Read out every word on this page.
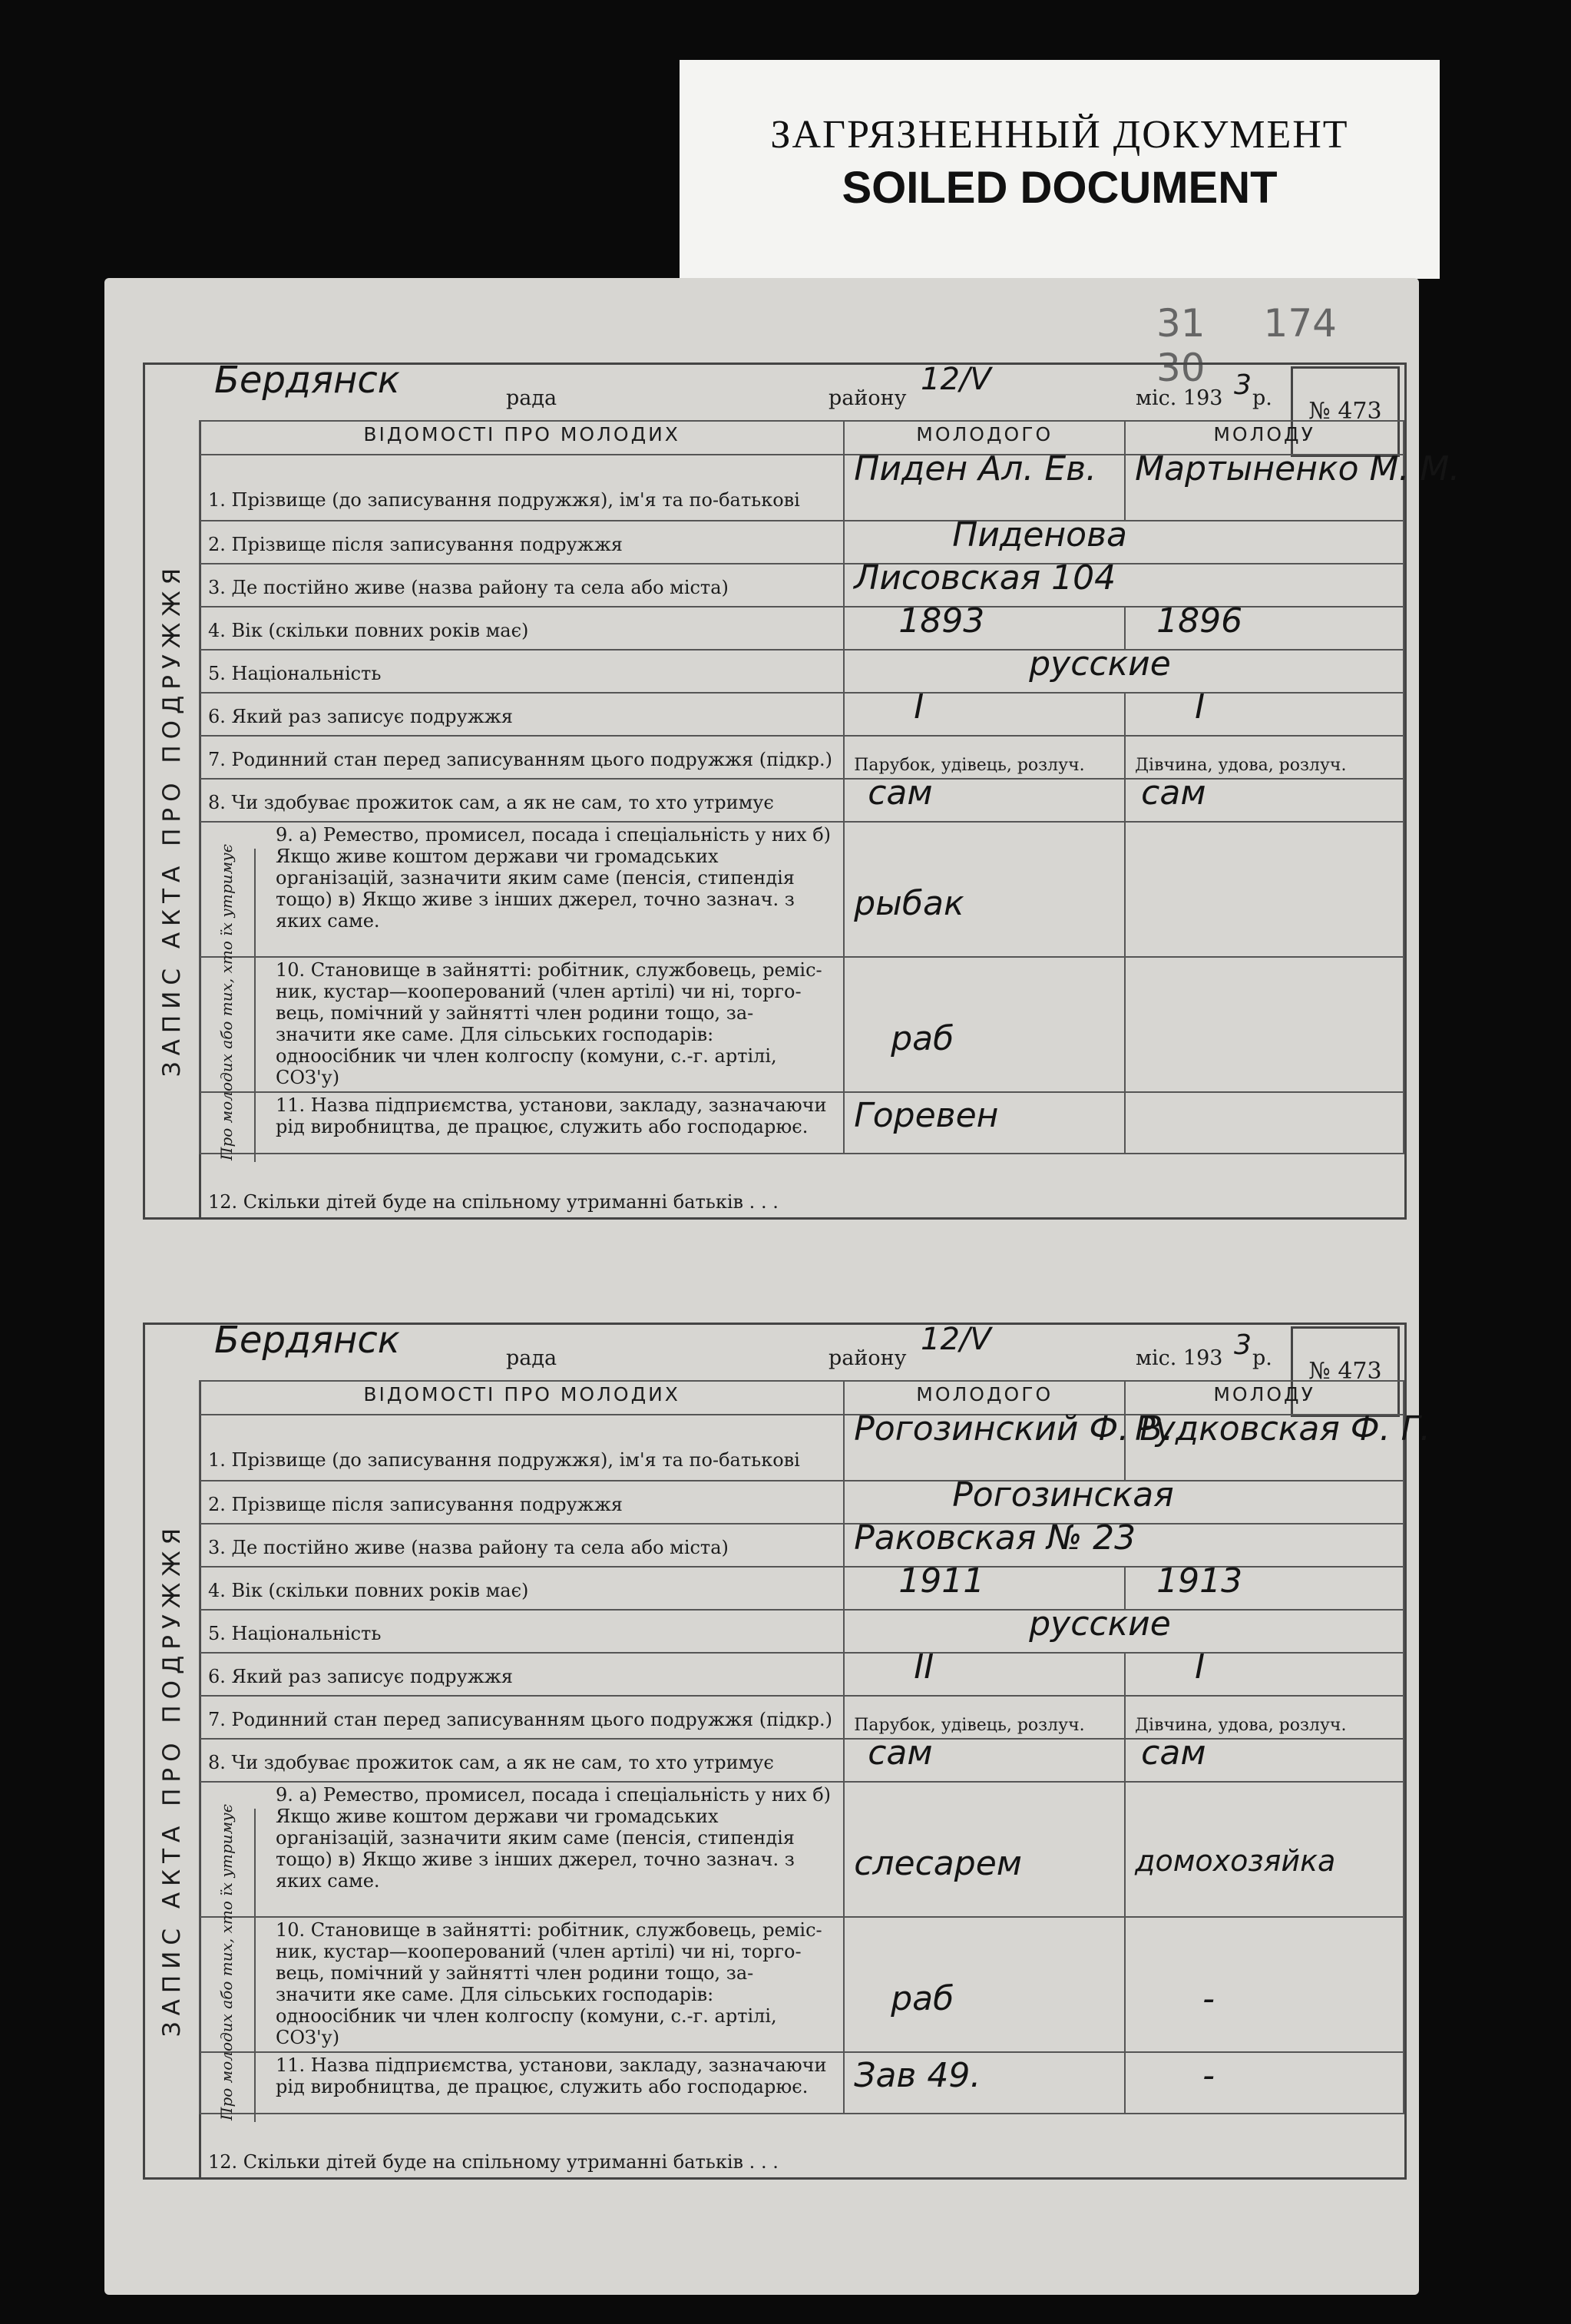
ЗАГРЯЗНЕННЫЙ ДОКУМЕНТ
SOILED DOCUMENT
31 174 30
Бердянск	рада	району
12/V
міс. 193 3 р.	№ 473
ЗАПИС АКТА ПРО ПОДРУЖЖЯ
ВІДОМОСТІ ПРО МОЛОДИХ	МОЛОДОГО	МОЛОДУ
1. Прізвище (до записування подружжя), ім'я та по-батькові	Пиден Ал. Ев.	Мартыненко М. М.

2. Прізвище після записування подружжя	Пиденова	

3. Де постійно живе (назва району та села або міста)	Лисовская 104	

4. Вік (скільки повних років має)	1893	1896

5. Національність	русские	

6. Який раз записує подружжя	I	I

7. Родинний стан перед записуванням цього подружжя (підкр.)	Парубок, удівець, розлуч.	Дівчина, удова, розлуч.

8. Чи здобуває прожиток сам, а як не сам, то хто утримує	сам	сам

9. а) Ремество, промисел, посада і спеціальність у них б) Якщо живе коштом держави чи громадських організацій, зазначити яким саме (пенсія, стипендія тощо) в) Якщо живе з інших джерел, точно зазнач. з яких саме.	рыбак	

10. Становище в зайнятті: робітник, службовець, реміс- ник, кустар—кооперований (член артілі) чи ні, торго- вець, помічний у зайнятті член родини тощо, за- значити яке саме. Для сільських господарів: одноосібник чи член колгоспу (комуни, с.-г. артілі, СОЗ'у)	раб	

11. Назва підприємства, установи, закладу, зазначаючи рід виробництва, де працює, служить або господарює.	Горевен	

Про молодих або тих, хто їх утримує
12. Скільки дітей буде на спільному утриманні батьків . . .
Бердянск	рада	району
12/V
міс. 193 3 р.	№ 473
ЗАПИС АКТА ПРО ПОДРУЖЖЯ
ВІДОМОСТІ ПРО МОЛОДИХ	МОЛОДОГО	МОЛОДУ
1. Прізвище (до записування подружжя), ім'я та по-батькові	Рогозинский Ф. В.	Рудковская Ф. Г.

2. Прізвище після записування подружжя	Рогозинская	

3. Де постійно живе (назва району та села або міста)	Раковская № 23	

4. Вік (скільки повних років має)	1911	1913

5. Національність	русские	

6. Який раз записує подружжя	II	I

7. Родинний стан перед записуванням цього подружжя (підкр.)	Парубок, удівець, розлуч.	Дівчина, удова, розлуч.

8. Чи здобуває прожиток сам, а як не сам, то хто утримує	сам	сам

9. а) Ремество, промисел, посада і спеціальність у них б) Якщо живе коштом держави чи громадських організацій, зазначити яким саме (пенсія, стипендія тощо) в) Якщо живе з інших джерел, точно зазнач. з яких саме.	слесарем	домохозяйка

10. Становище в зайнятті: робітник, службовець, реміс- ник, кустар—кооперований (член артілі) чи ні, торго- вець, помічний у зайнятті член родини тощо, за- значити яке саме. Для сільських господарів: одноосібник чи член колгоспу (комуни, с.-г. артілі, СОЗ'у)	раб	-

11. Назва підприємства, установи, закладу, зазначаючи рід виробництва, де працює, служить або господарює.	Зав 49.	-
Про молодих або тих, хто їх утримує
12. Скільки дітей буде на спільному утриманні батьків . . .
